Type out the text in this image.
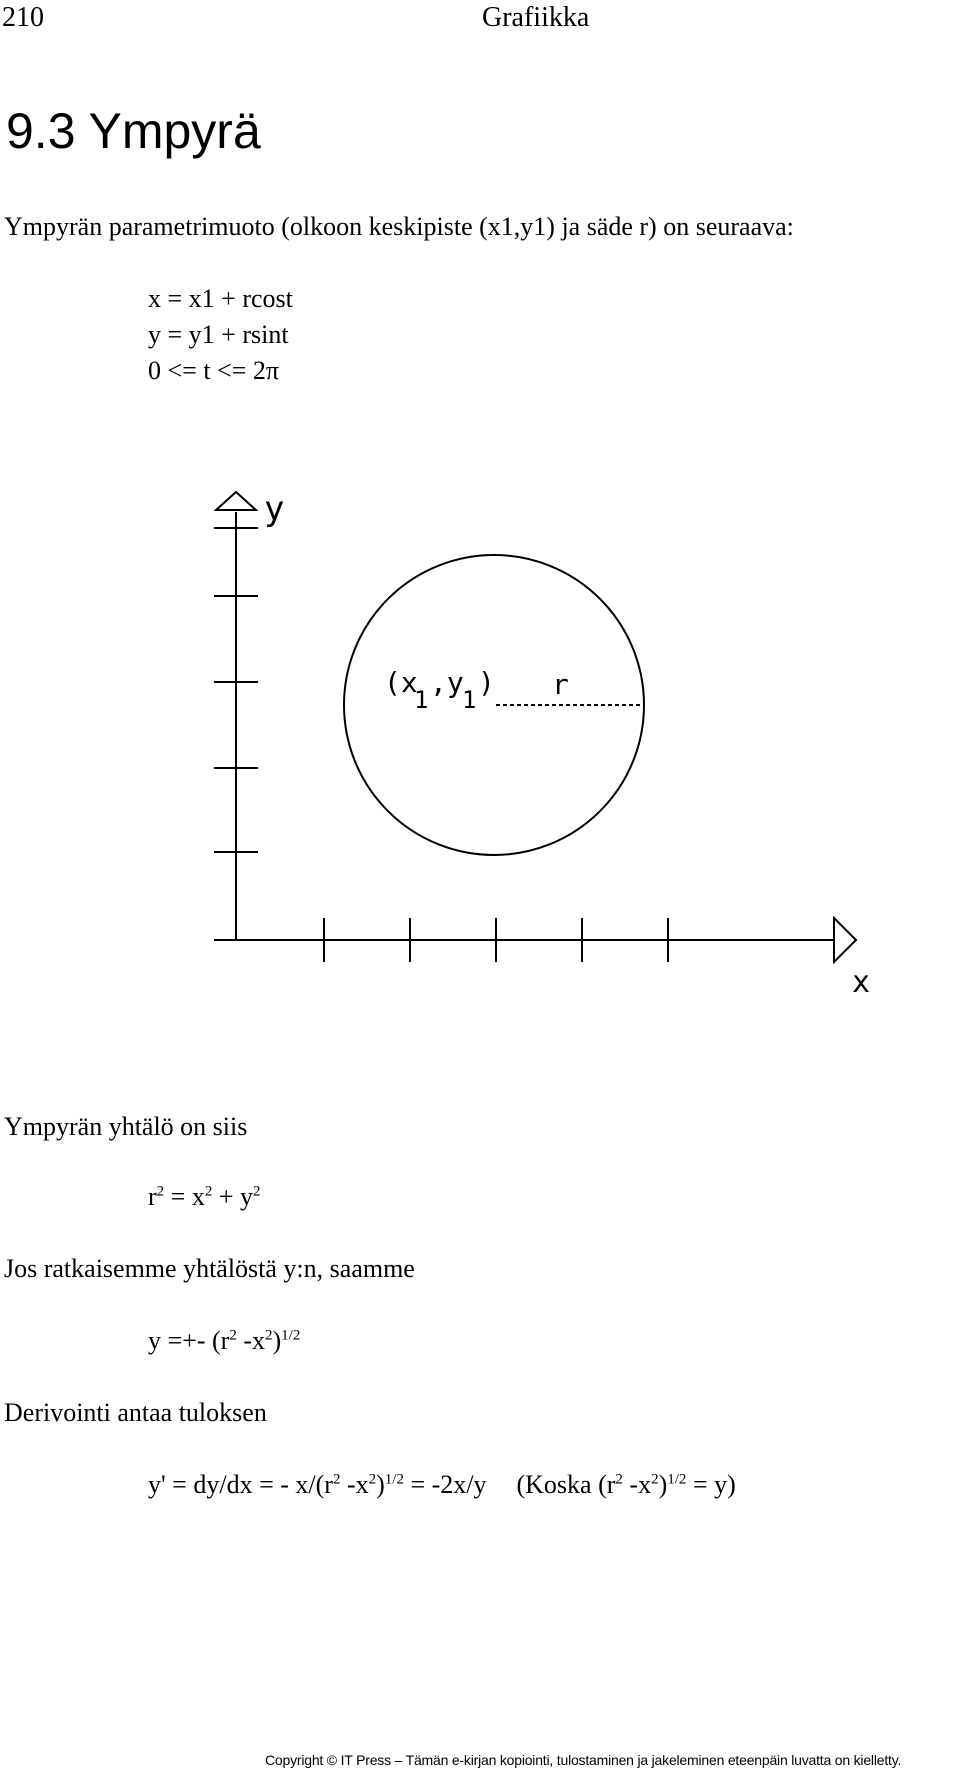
210	Grafiikka
9.3 Ympyrä
Ympyrän parametrimuoto (olkoon keskipiste (x1,y1) ja säde r) on seuraava:
x = x1 + rcost
y = y1 + rsint
0 <= t <= 2π
y
x
(x
1
,y
1
) r
Ympyrän yhtälö on siis
$r^2 = x^2 + y^2$
Jos ratkaisemme yhtälöstä y:n, saamme
y =+- ($r^2$ $-x^2)^{1/2}$
Derivointi antaa tuloksen
y' = dy/dx = - $x/(r^2$ $-x^2)^{1/2} = -2x/y$ (Koska ($r^2$ $-x^2)^{1/2} = y$)
Copyright © IT Press – Tämän e-kirjan kopiointi, tulostaminen ja jakeleminen eteenpäin luvatta on kielletty.
